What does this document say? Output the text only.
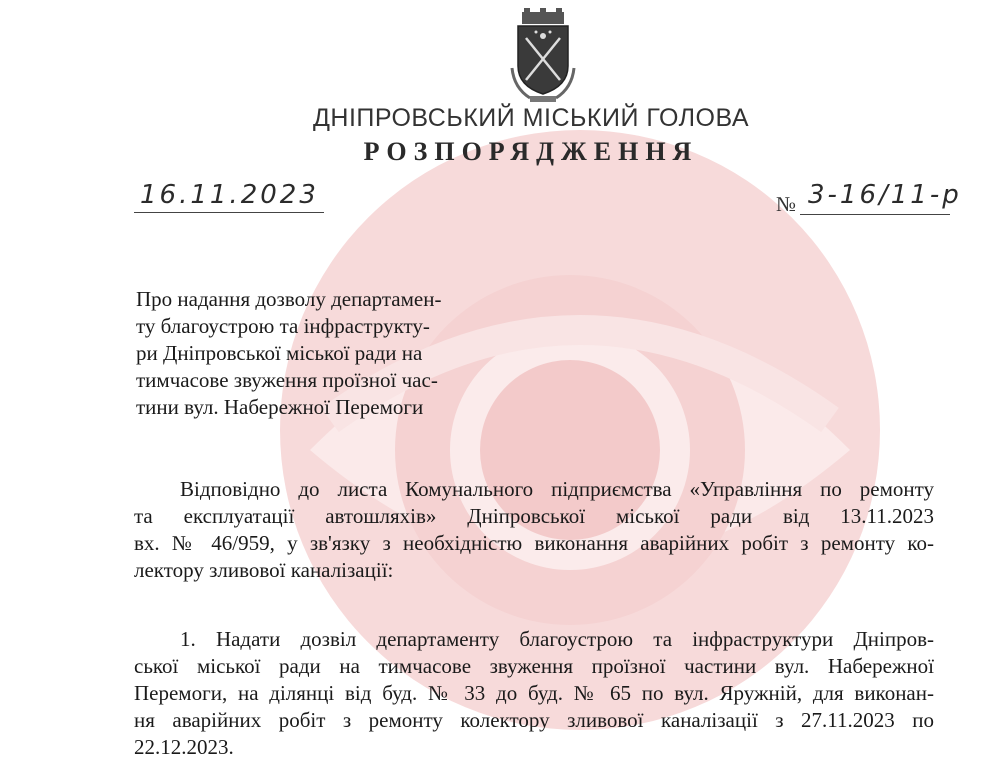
ДНІПРОВСЬКИЙ МІСЬКИЙ ГОЛОВА
РОЗПОРЯДЖЕННЯ
16.11.2023	№ 3-16/11-р
Про надання дозволу департамен-
ту благоустрою та інфраструкту-
ри Дніпровської міської ради на
тимчасове звуження проїзної час-
тини вул. Набережної Перемоги
Відповідно до листа Комунального підприємства «Управління по ремонту
та експлуатації автошляхів» Дніпровської міської ради від 13.11.2023
вх. № 46/959, у зв'язку з необхідністю виконання аварійних робіт з ремонту ко-
лектору зливової каналізації:
1. Надати дозвіл департаменту благоустрою та інфраструктури Дніпров-
ської міської ради на тимчасове звуження проїзної частини вул. Набережної
Перемоги, на ділянці від буд. № 33 до буд. № 65 по вул. Яружній, для виконан-
ня аварійних робіт з ремонту колектору зливової каналізації з 27.11.2023 по
22.12.2023.
